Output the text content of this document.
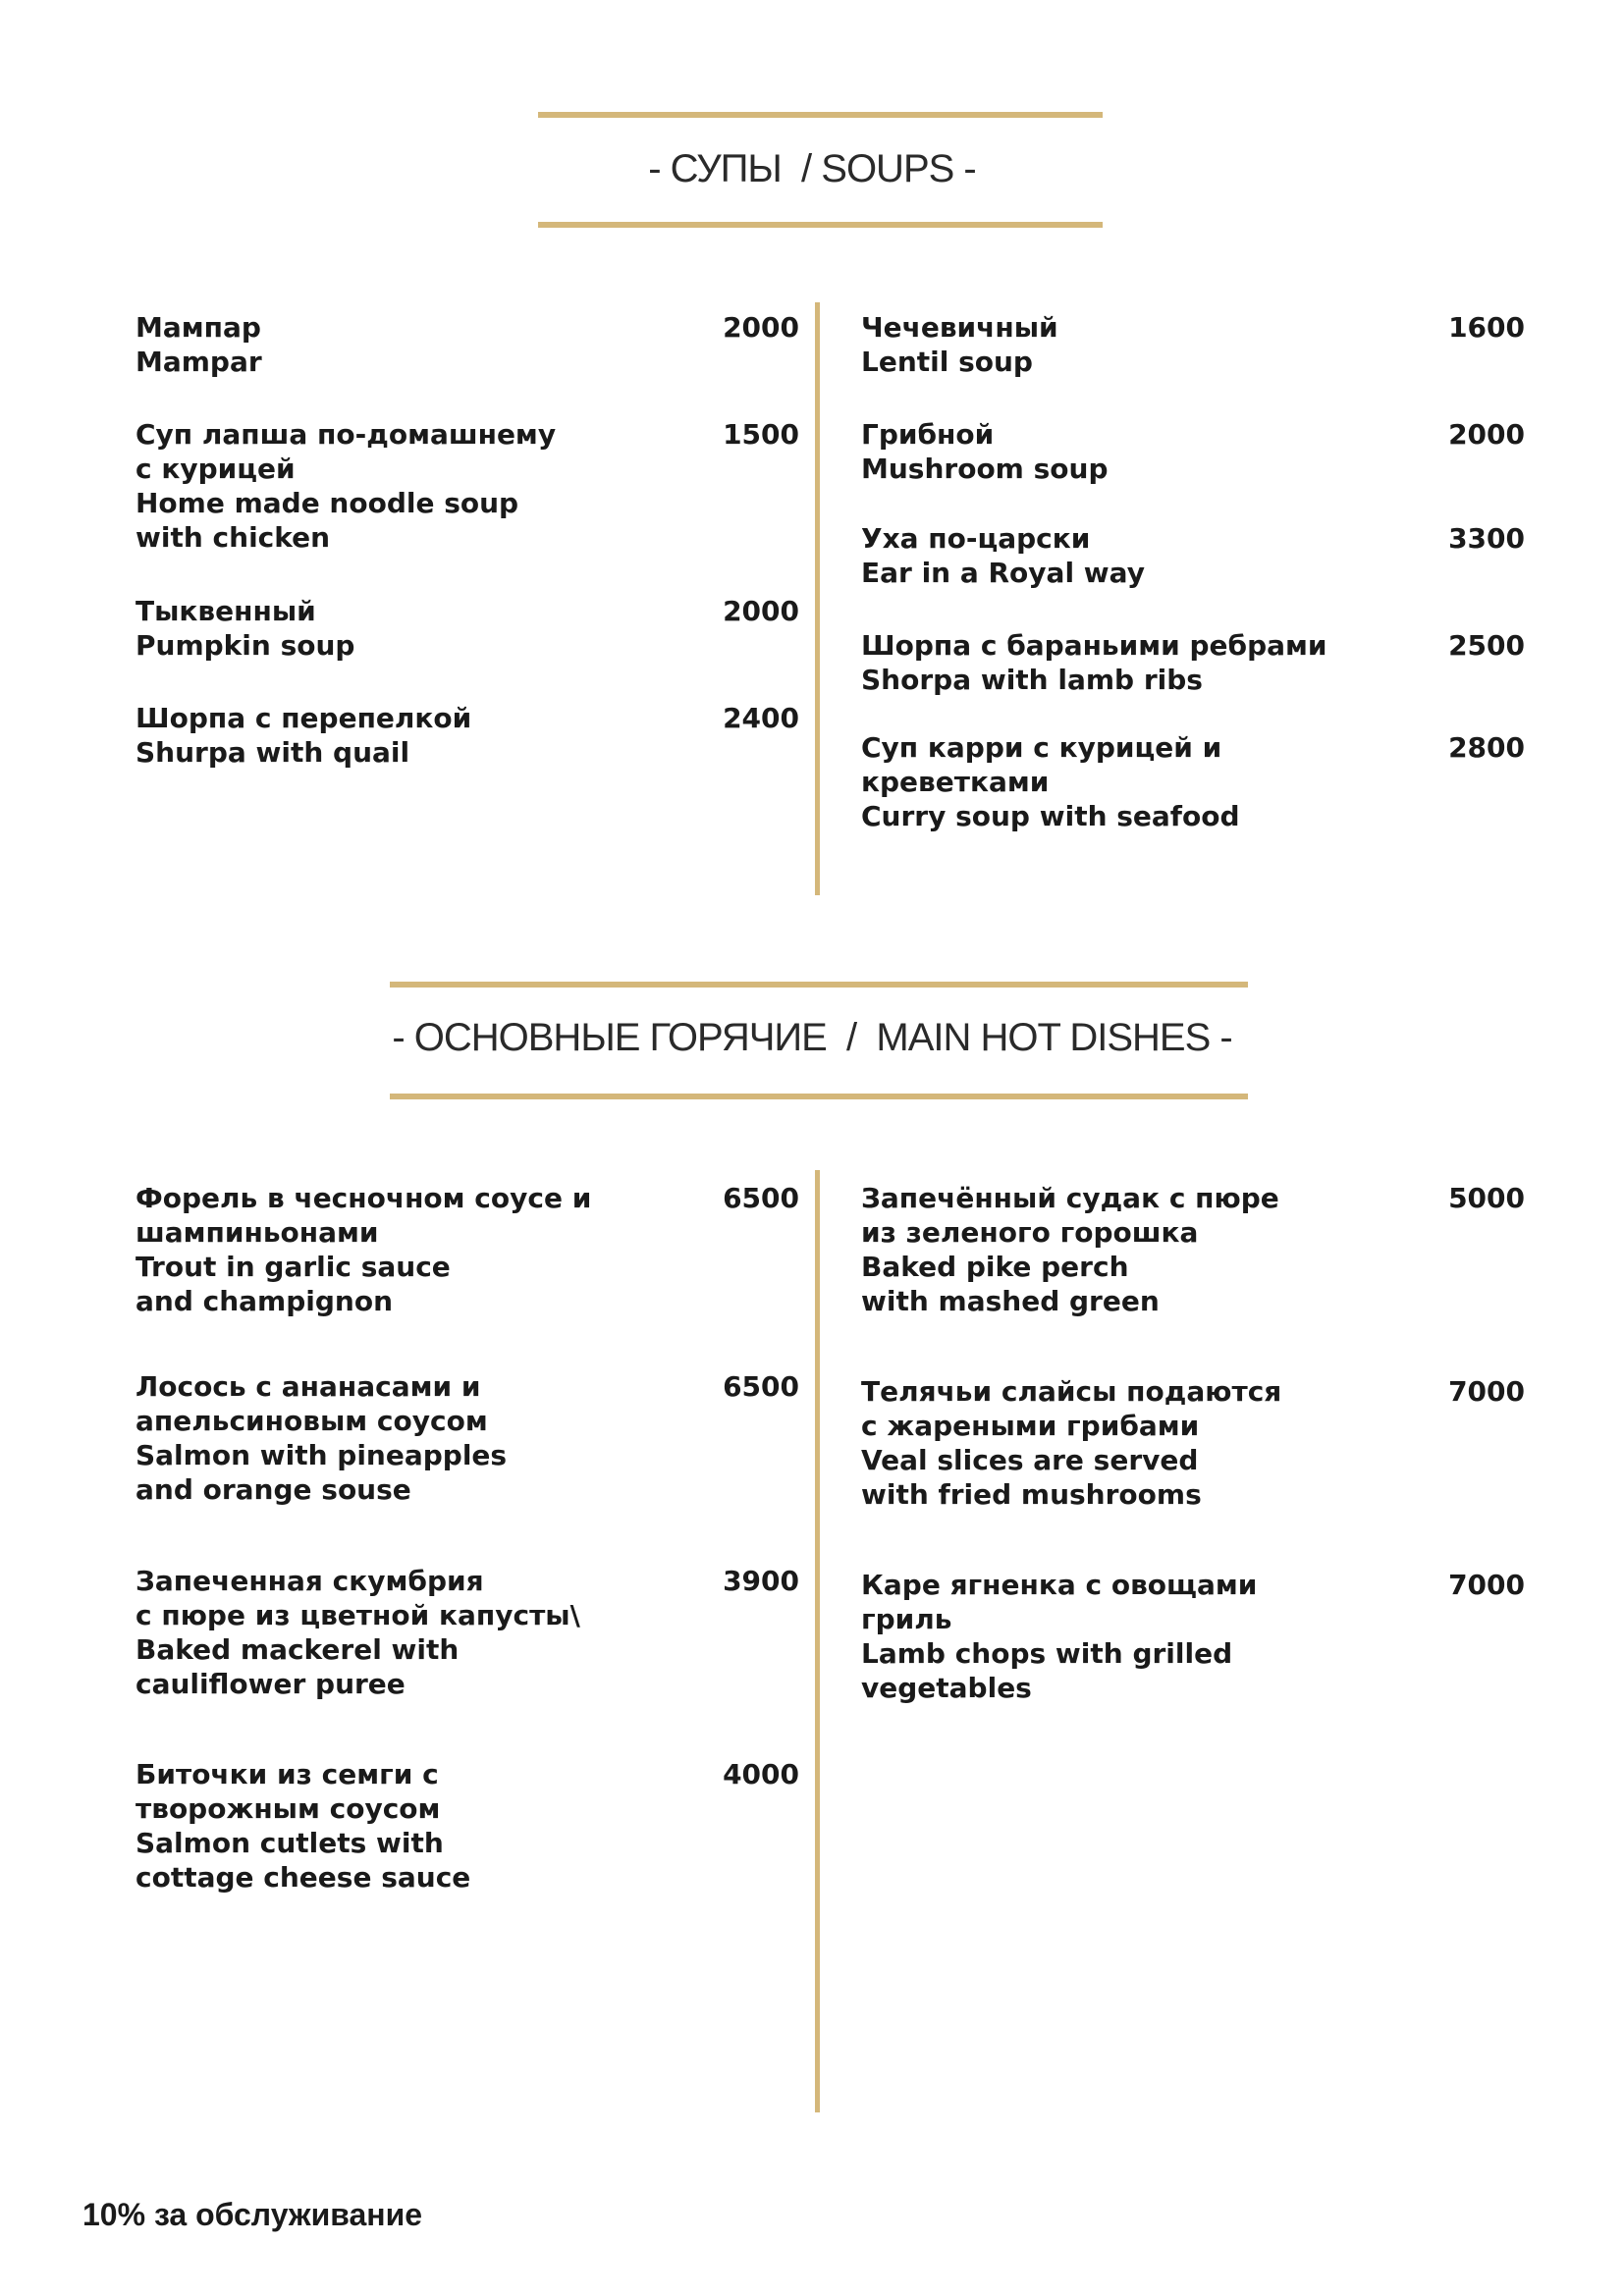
- СУПЫ  / SOUPS -
Мампар
Mampar
2000
Суп лапша по-домашнему
с курицей
Home made noodle soup
with chicken
1500
Тыквенный
Pumpkin soup
2000
Шорпа с перепелкой
Shurpa with quail
2400
Чечевичный
Lentil soup
1600
Грибной
Mushroom soup
2000
Уха по-царски
Ear in a Royal way
3300
Шорпа с бараньими ребрами
Shorpa with lamb ribs
2500
Суп карри с курицей и креветками
Curry soup with seafood
2800
- ОСНОВНЫЕ ГОРЯЧИЕ  /  MAIN HOT DISHES -
Форель в чесночном соусе и
шампиньонами
Trout in garlic sauce
and champignon
6500
Лосось с ананасами и
апельсиновым соусом
Salmon with pineapples
and orange souse
6500
Запеченная скумбрия
с пюре из цветной капусты\
Baked mackerel with
cauliflower puree
3900
Биточки из семги с
творожным соусом
Salmon cutlets with
cottage cheese sauce
4000
Запечённый судак с пюре
из зеленого горошка
Baked pike perch
with mashed green
5000
Телячьи слайсы подаются
с жареными грибами
Veal slices are served
with fried mushrooms
7000
Каре ягненка с овощами гриль
Lamb chops with grilled vegetables
7000
10% за обслуживание
